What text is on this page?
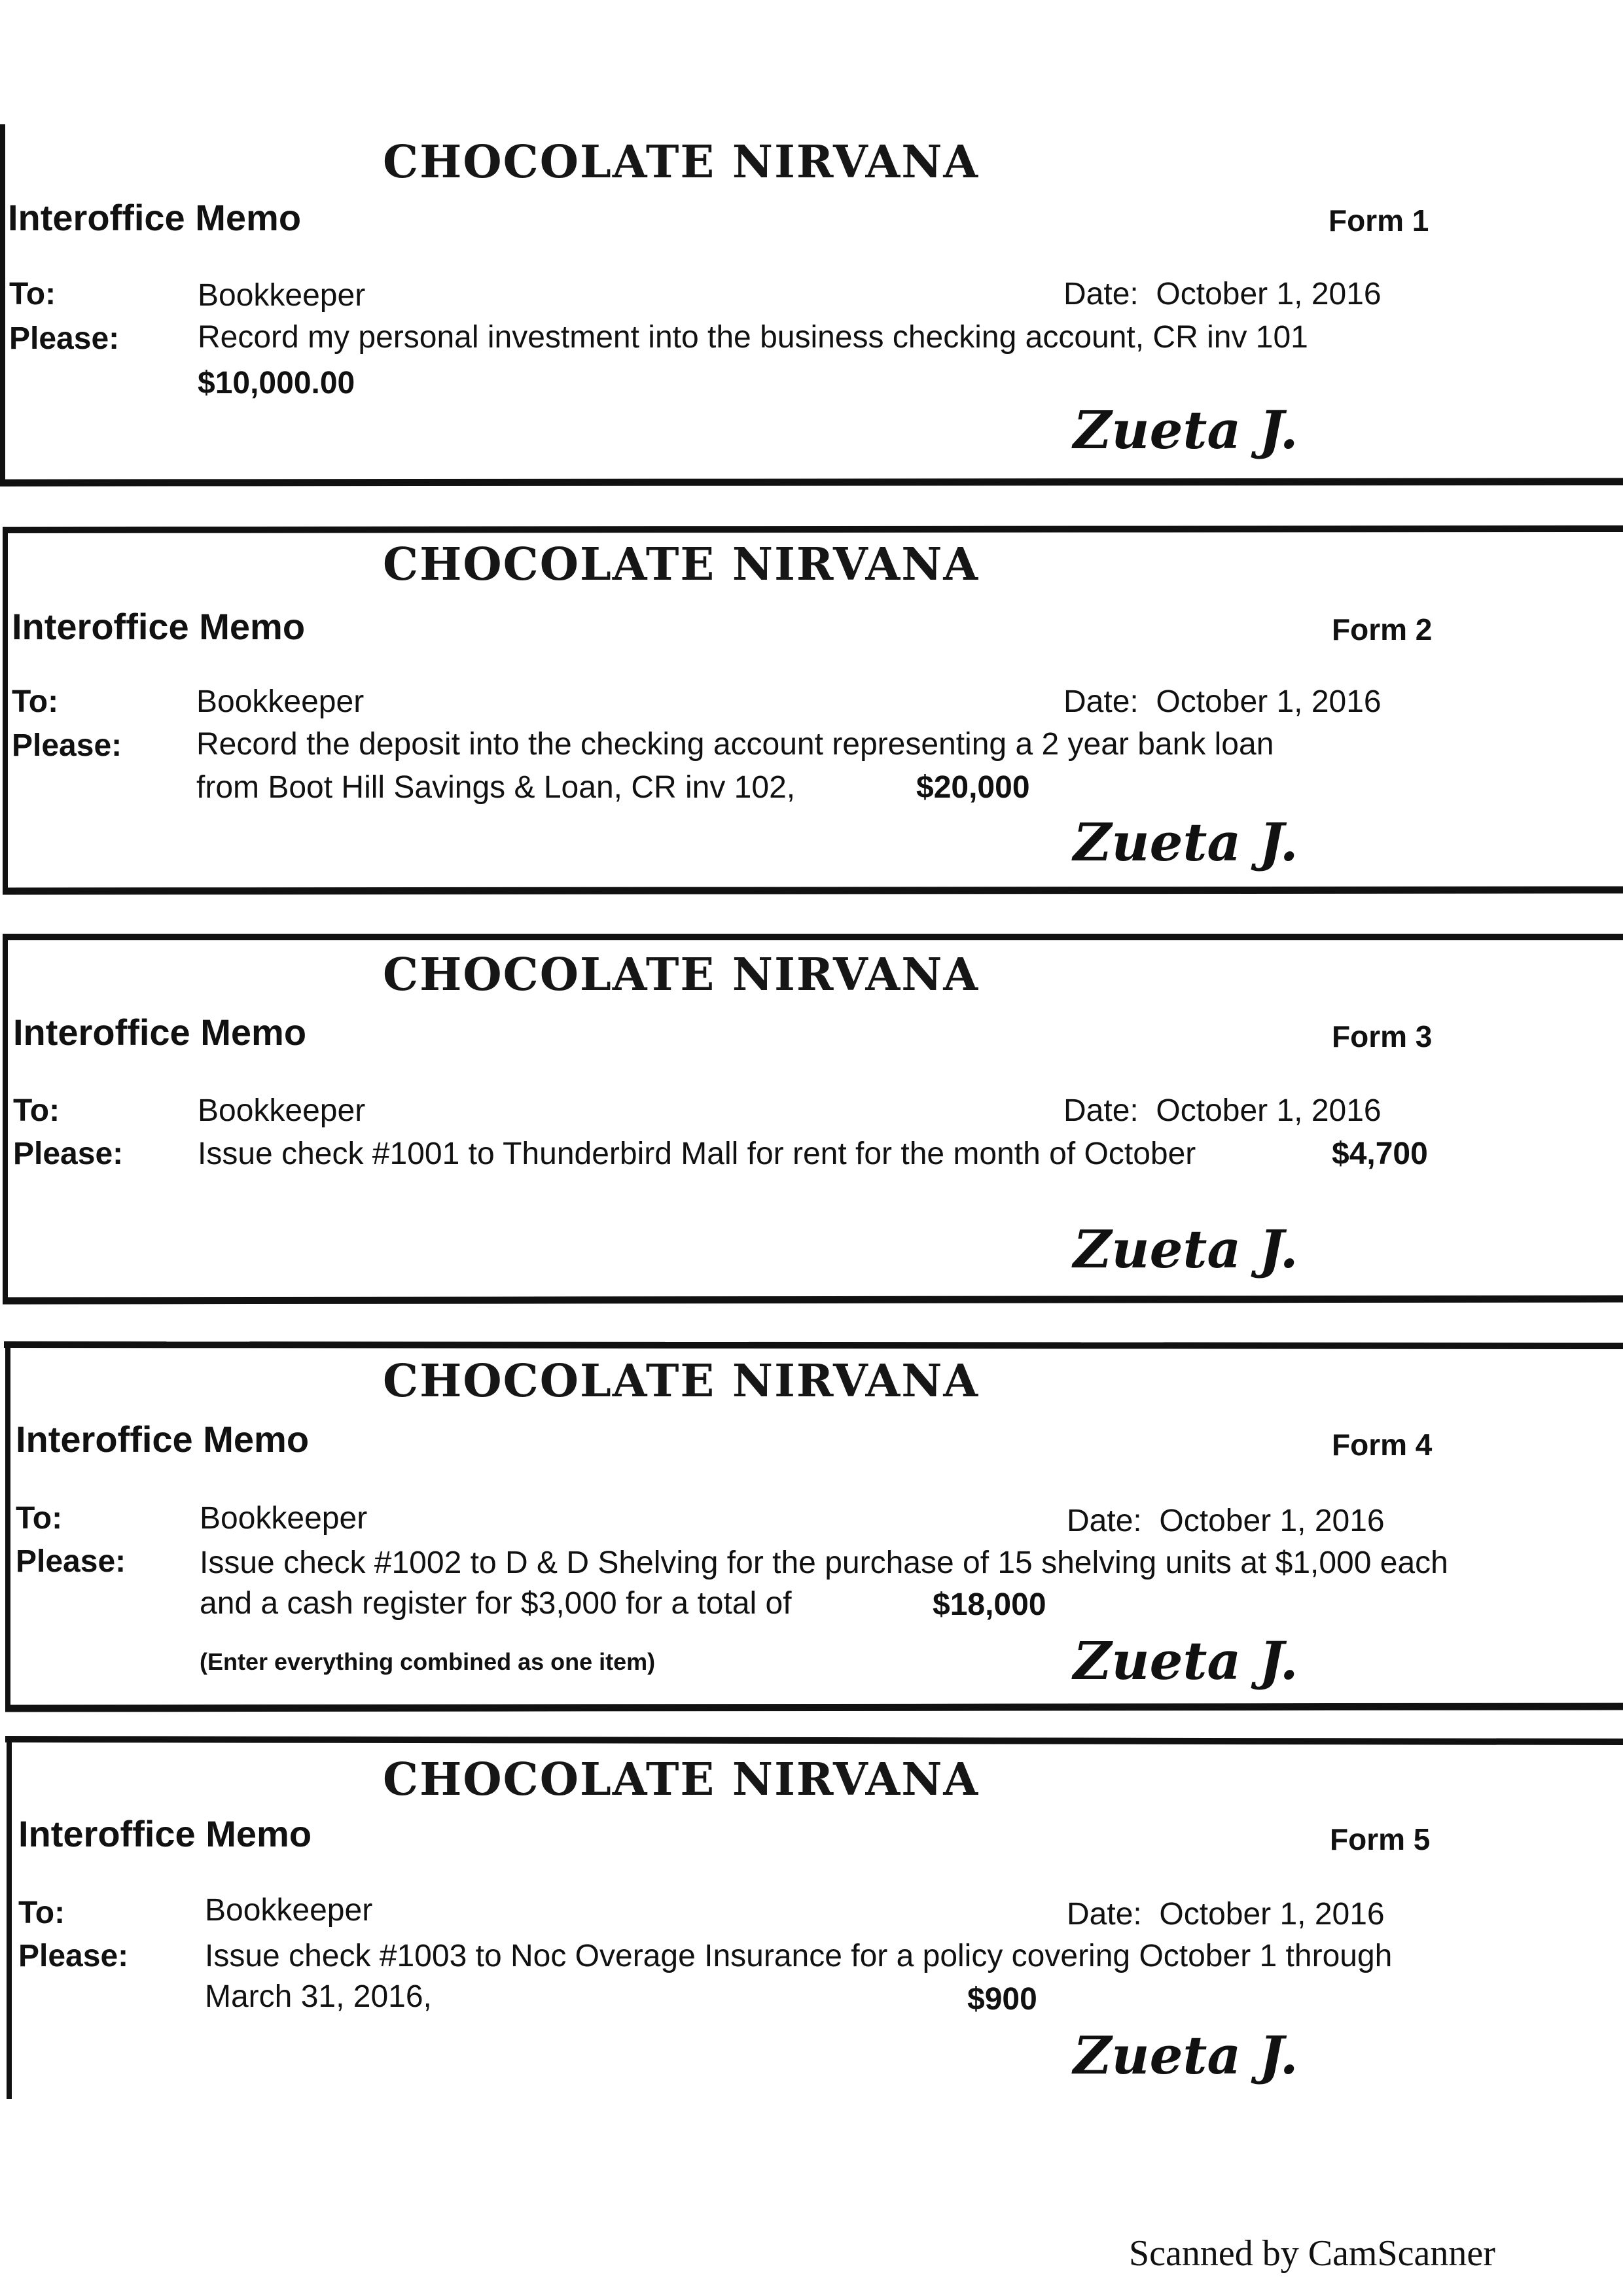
CHOCOLATE NIRVANA
Interoffice Memo	Form 1
To:	Bookkeeper	Date:  October 1, 2016
Please: Record my personal investment into the business checking account, CR inv 101
$10,000.00
Zueta J.
CHOCOLATE NIRVANA
Interoffice Memo	Form 2
To:	Bookkeeper	Date:  October 1, 2016
Please: Record the deposit into the checking account representing a 2 year bank loan
from Boot Hill Savings & Loan, CR inv 102,	$20,000
Zueta J.
CHOCOLATE NIRVANA
Interoffice Memo	Form 3
To:	Bookkeeper	Date:  October 1, 2016
Please: Issue check #1001 to Thunderbird Mall for rent for the month of October	$4,700
Zueta J.
CHOCOLATE NIRVANA
Interoffice Memo	Form 4
To:	Bookkeeper	Date:  October 1, 2016
Please: Issue check #1002 to D & D Shelving for the purchase of 15 shelving units at $1,000 each
and a cash register for $3,000 for a total of	$18,000
(Enter everything combined as one item)	Zueta J.
CHOCOLATE NIRVANA
Interoffice Memo	Form 5
To:	Bookkeeper	Date:  October 1, 2016
Please: Issue check #1003 to Noc Overage Insurance for a policy covering October 1 through
March 31, 2016,	$900
Zueta J.
Scanned by CamScanner
